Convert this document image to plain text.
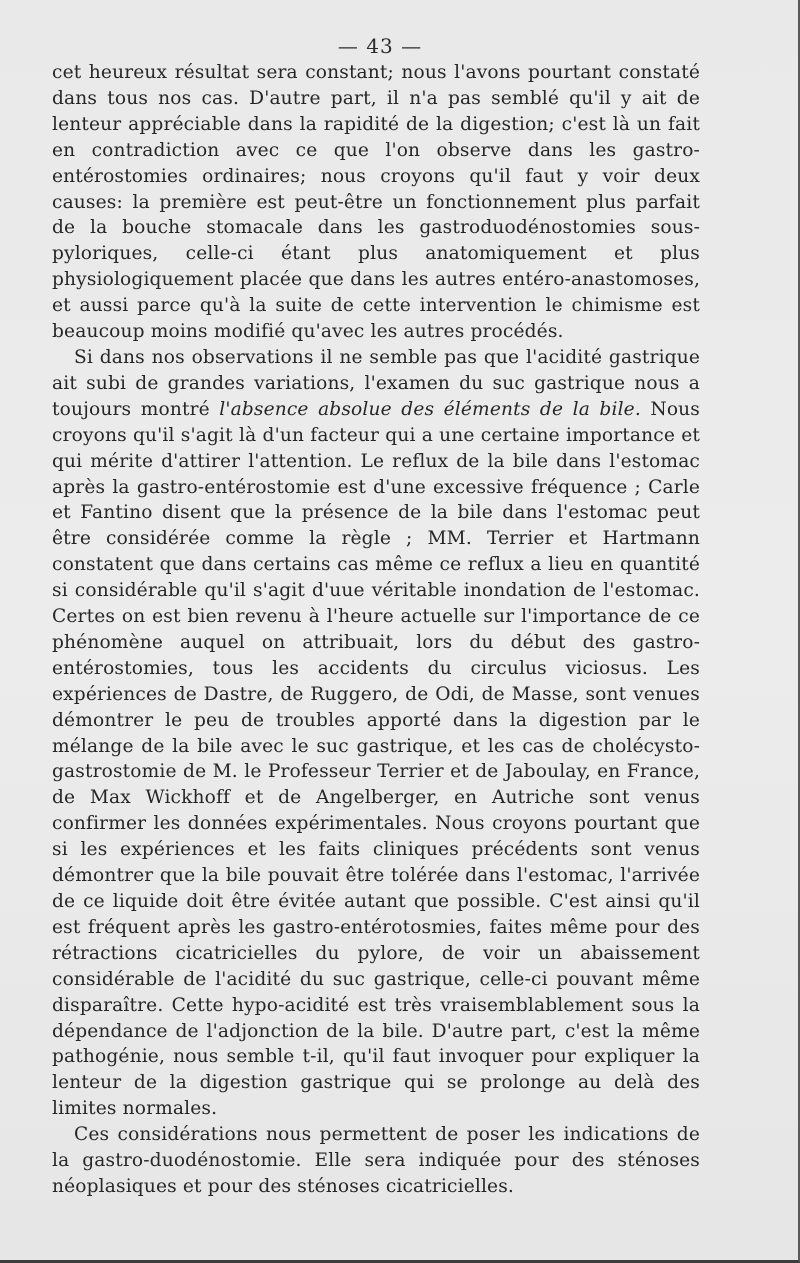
— 43 —

cet heureux résultat sera constant; nous l'avons pourtant constaté dans tous nos cas. D'autre part, il n'a pas semblé qu'il y ait de lenteur appréciable dans la rapidité de la digestion; c'est là un fait en contradiction avec ce que l'on observe dans les gastro-entérostomies ordinaires; nous croyons qu'il faut y voir deux causes: la première est peut-être un fonctionnement plus parfait de la bouche stomacale dans les gastroduodénostomies sous-pyloriques, celle-ci étant plus anatomiquement et plus physiologiquement placée que dans les autres entéro-anastomoses, et aussi parce qu'à la suite de cette intervention le chimisme est beaucoup moins modifié qu'avec les autres procédés.

Si dans nos observations il ne semble pas que l'acidité gastrique ait subi de grandes variations, l'examen du suc gastrique nous a toujours montré l'absence absolue des éléments de la bile. Nous croyons qu'il s'agit là d'un facteur qui a une certaine importance et qui mérite d'attirer l'attention. Le reflux de la bile dans l'estomac après la gastro-entérostomie est d'une excessive fréquence ; Carle et Fantino disent que la présence de la bile dans l'estomac peut être considérée comme la règle ; MM. Terrier et Hartmann constatent que dans certains cas même ce reflux a lieu en quantité si considérable qu'il s'agit d'uue véritable inondation de l'estomac. Certes on est bien revenu à l'heure actuelle sur l'importance de ce phénomène auquel on attribuait, lors du début des gastro-entérostomies, tous les accidents du circulus viciosus. Les expériences de Dastre, de Ruggero, de Odi, de Masse, sont venues démontrer le peu de troubles apporté dans la digestion par le mélange de la bile avec le suc gastrique, et les cas de cholécysto-gastrostomie de M. le Professeur Terrier et de Jaboulay, en France, de Max Wickhoff et de Angelberger, en Autriche sont venus confirmer les données expérimentales. Nous croyons pourtant que si les expériences et les faits cliniques précédents sont venus démontrer que la bile pouvait être tolérée dans l'estomac, l'arrivée de ce liquide doit être évitée autant que possible. C'est ainsi qu'il est fréquent après les gastro-entérotosmies, faites même pour des rétractions cicatricielles du pylore, de voir un abaissement considérable de l'acidité du suc gastrique, celle-ci pouvant même disparaître. Cette hypo-acidité est très vraisemblablement sous la dépendance de l'adjonction de la bile. D'autre part, c'est la même pathogénie, nous semble t-il, qu'il faut invoquer pour expliquer la lenteur de la digestion gastrique qui se prolonge au delà des limites normales.

Ces considérations nous permettent de poser les indications de la gastro-duodénostomie. Elle sera indiquée pour des sténoses néoplasiques et pour des sténoses cicatricielles.
